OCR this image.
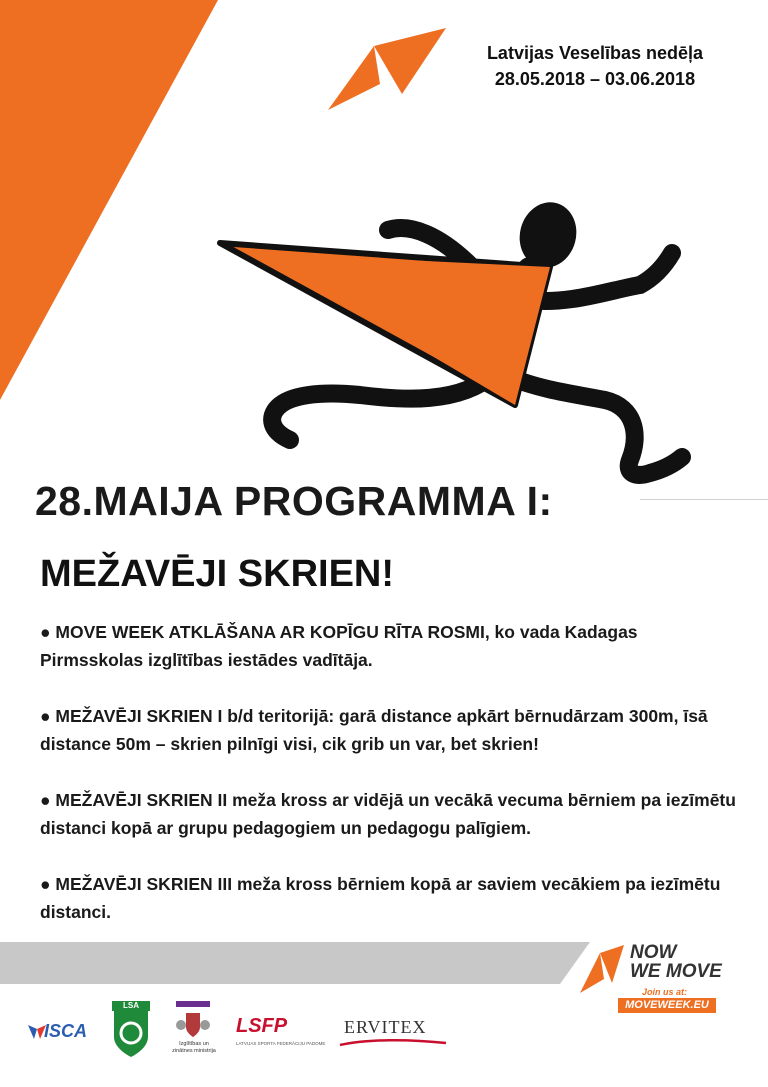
Latvijas Veselības nedēļa
28.05.2018 – 03.06.2018
28.MAIJA PROGRAMMA I:
MEŽAVĒJI SKRIEN!

● MOVE WEEK ATKLĀŠANA AR KOPĪGU RĪTA ROSMI, ko vada Kadagas Pirmsskolas izglītības iestādes vadītāja.

● MEŽAVĒJI SKRIEN I b/d teritorijā: garā distance apkārt bērnudārzam 300m, īsā distance 50m – skrien pilnīgi visi, cik grib un var, bet skrien!

● MEŽAVĒJI SKRIEN II meža kross ar vidējā un vecākā vecuma bērniem pa iezīmētu distanci kopā ar grupu pedagogiem un pedagogu palīgiem.

● MEŽAVĒJI SKRIEN III meža kross bērniem kopā ar saviem vecākiem pa iezīmētu distanci.

NOW
WE MOVE
Join us at:
MOVEWEEK.EU
ISCA
LSA
Izglītības un zinātnes ministrija
LSFP
LATVIJAS SPORTA FEDERĀCIJU PADOME
ERVITEX
